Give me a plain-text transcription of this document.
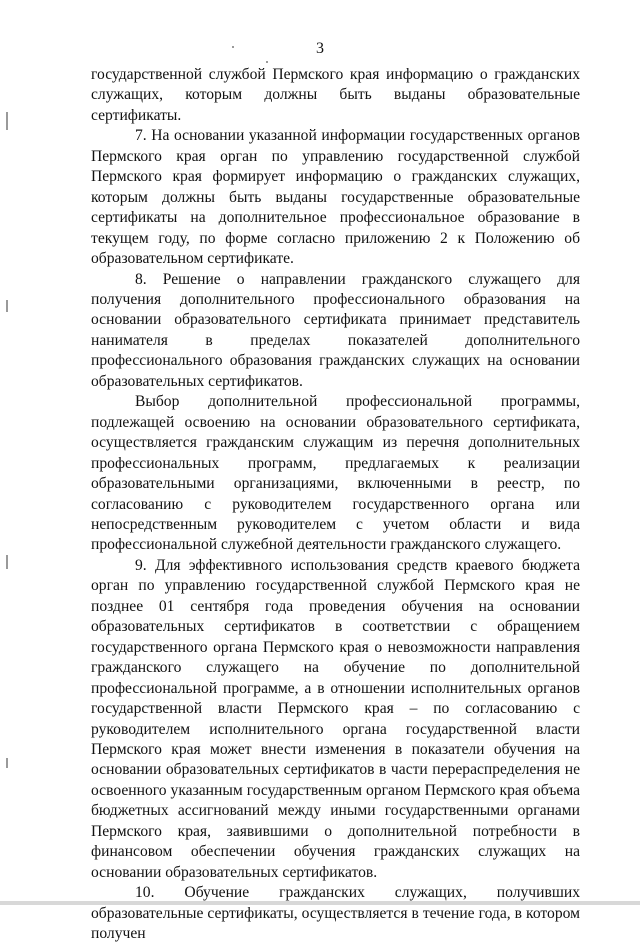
3

государственной службой Пермского края информацию о гражданских служащих, которым должны быть выданы образовательные сертификаты.

7. На основании указанной информации государственных органов Пермского края орган по управлению государственной службой Пермского края формирует информацию о гражданских служащих, которым должны быть выданы государственные образовательные сертификаты на дополнительное профессиональное образование в текущем году, по форме согласно приложению 2 к Положению об образовательном сертификате.

8. Решение о направлении гражданского служащего для получения дополнительного профессионального образования на основании образовательного сертификата принимает представитель нанимателя в пределах показателей дополнительного профессионального образования гражданских служащих на основании образовательных сертификатов.

Выбор дополнительной профессиональной программы, подлежащей освоению на основании образовательного сертификата, осуществляется гражданским служащим из перечня дополнительных профессиональных программ, предлагаемых к реализации образовательными организациями, включенными в реестр, по согласованию с руководителем государственного органа или непосредственным руководителем с учетом области и вида профессиональной служебной деятельности гражданского служащего.

9. Для эффективного использования средств краевого бюджета орган по управлению государственной службой Пермского края не позднее 01 сентября года проведения обучения на основании образовательных сертификатов в соответствии с обращением государственного органа Пермского края о невозможности направления гражданского служащего на обучение по дополнительной профессиональной программе, а в отношении исполнительных органов государственной власти Пермского края – по согласованию с руководителем исполнительного органа государственной власти Пермского края может внести изменения в показатели обучения на основании образовательных сертификатов в части перераспределения не освоенного указанным государственным органом Пермского края объема бюджетных ассигнований между иными государственными органами Пермского края, заявившими о дополнительной потребности в финансовом обеспечении обучения гражданских служащих на основании образовательных сертификатов.

10. Обучение гражданских служащих, получивших образовательные сертификаты, осуществляется в течение года, в котором получен
